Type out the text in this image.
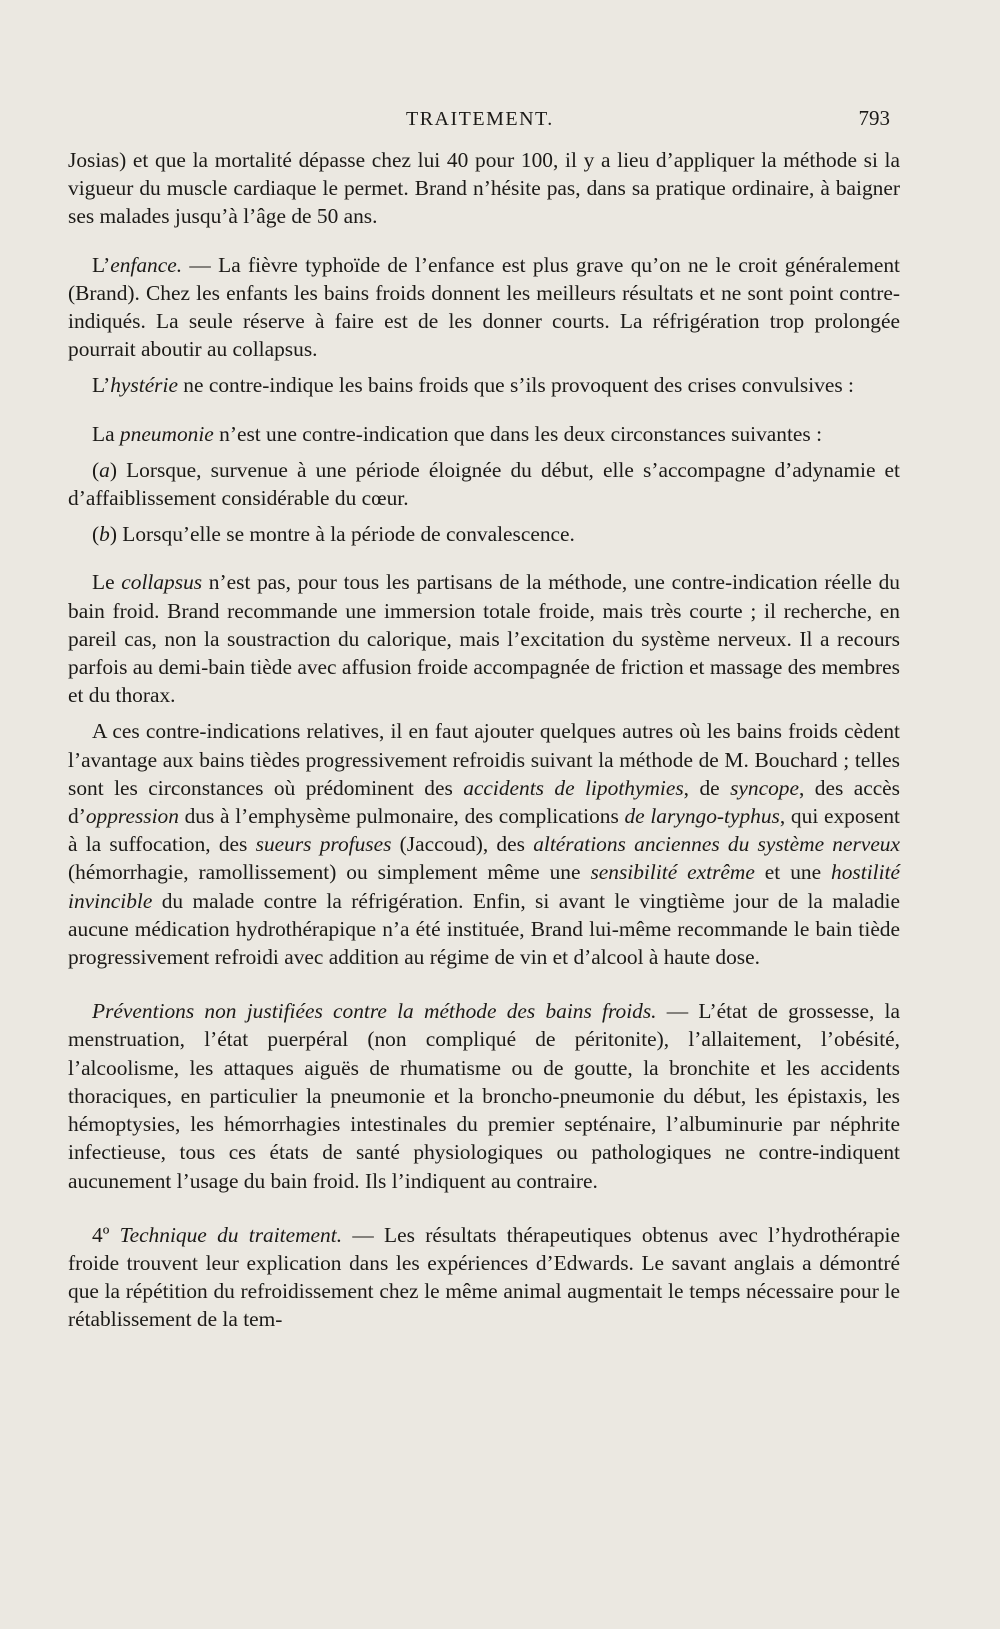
TRAITEMENT.	793

Josias) et que la mortalité dépasse chez lui 40 pour 100, il y a lieu d’appliquer la méthode si la vigueur du muscle cardiaque le permet. Brand n’hésite pas, dans sa pratique ordinaire, à baigner ses malades jusqu’à l’âge de 50 ans.

L’enfance. — La fièvre typhoïde de l’enfance est plus grave qu’on ne le croit généralement (Brand). Chez les enfants les bains froids donnent les meilleurs résultats et ne sont point contre-indiqués. La seule réserve à faire est de les donner courts. La réfrigération trop prolongée pourrait aboutir au collapsus.

L’hystérie ne contre-indique les bains froids que s’ils provoquent des crises convulsives :

La pneumonie n’est une contre-indication que dans les deux circonstances suivantes :

(a) Lorsque, survenue à une période éloignée du début, elle s’accompagne d’adynamie et d’affaiblissement considérable du cœur.

(b) Lorsqu’elle se montre à la période de convalescence.

Le collapsus n’est pas, pour tous les partisans de la méthode, une contre-indication réelle du bain froid. Brand recommande une immersion totale froide, mais très courte ; il recherche, en pareil cas, non la soustraction du calorique, mais l’excitation du système nerveux. Il a recours parfois au demi-bain tiède avec affusion froide accompagnée de friction et massage des membres et du thorax.

A ces contre-indications relatives, il en faut ajouter quelques autres où les bains froids cèdent l’avantage aux bains tièdes progressivement refroidis suivant la méthode de M. Bouchard ; telles sont les circonstances où prédominent des accidents de lipothymies, de syncope, des accès d’oppression dus à l’emphysème pulmonaire, des complications de laryngo-typhus, qui exposent à la suffocation, des sueurs profuses (Jaccoud), des altérations anciennes du système nerveux (hémorrhagie, ramollissement) ou simplement même une sensibilité extrême et une hostilité invincible du malade contre la réfrigération. Enfin, si avant le vingtième jour de la maladie aucune médication hydrothérapique n’a été instituée, Brand lui-même recommande le bain tiède progressivement refroidi avec addition au régime de vin et d’alcool à haute dose.

Préventions non justifiées contre la méthode des bains froids. — L’état de grossesse, la menstruation, l’état puerpéral (non compliqué de péritonite), l’allaitement, l’obésité, l’alcoolisme, les attaques aiguës de rhumatisme ou de goutte, la bronchite et les accidents thoraciques, en particulier la pneumonie et la broncho-pneumonie du début, les épistaxis, les hémoptysies, les hémorrhagies intestinales du premier septénaire, l’albuminurie par néphrite infectieuse, tous ces états de santé physiologiques ou pathologiques ne contre-indiquent aucunement l’usage du bain froid. Ils l’indiquent au contraire.

4º Technique du traitement. — Les résultats thérapeutiques obtenus avec l’hydrothérapie froide trouvent leur explication dans les expériences d’Edwards. Le savant anglais a démontré que la répétition du refroidissement chez le même animal augmentait le temps nécessaire pour le rétablissement de la tem-
